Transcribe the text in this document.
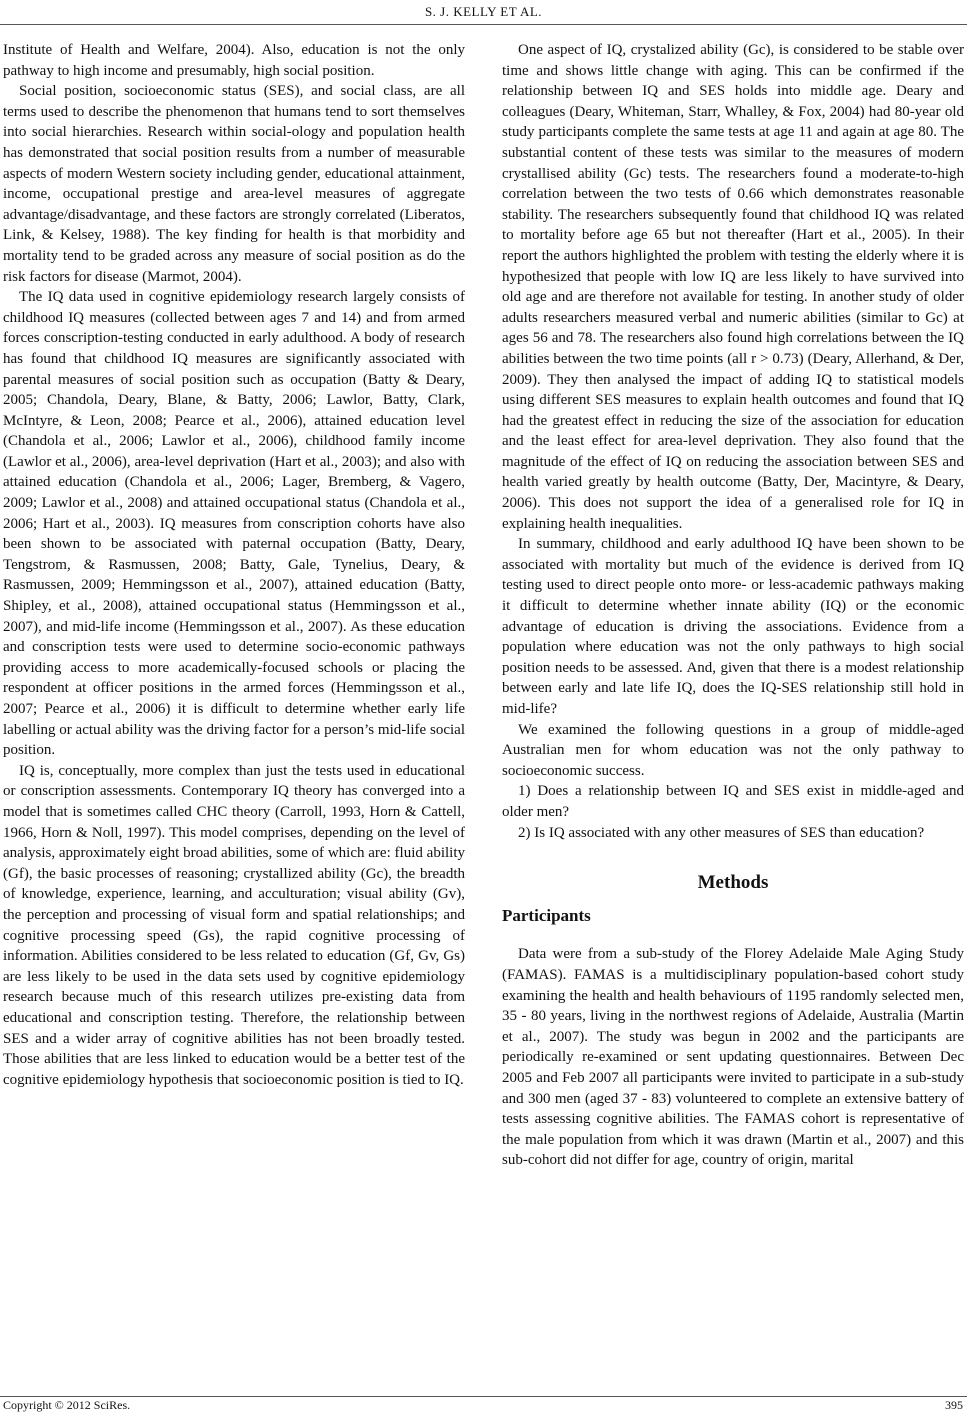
S. J. KELLY ET AL.

Institute of Health and Welfare, 2004). Also, education is not the only pathway to high income and presumably, high social position.

Social position, socioeconomic status (SES), and social class, are all terms used to describe the phenomenon that humans tend to sort themselves into social hierarchies. Research within social-ology and population health has demonstrated that social position results from a number of measurable aspects of modern Western society including gender, educational attainment, income, occupational prestige and area-level measures of aggregate advantage/disadvantage, and these factors are strongly correlated (Liberatos, Link, & Kelsey, 1988). The key finding for health is that morbidity and mortality tend to be graded across any measure of social position as do the risk factors for disease (Marmot, 2004).

The IQ data used in cognitive epidemiology research largely consists of childhood IQ measures (collected between ages 7 and 14) and from armed forces conscription-testing conducted in early adulthood. A body of research has found that childhood IQ measures are significantly associated with parental measures of social position such as occupation (Batty & Deary, 2005; Chandola, Deary, Blane, & Batty, 2006; Lawlor, Batty, Clark, McIntyre, & Leon, 2008; Pearce et al., 2006), attained education level (Chandola et al., 2006; Lawlor et al., 2006), childhood family income (Lawlor et al., 2006), area-level deprivation (Hart et al., 2003); and also with attained education (Chandola et al., 2006; Lager, Bremberg, & Vagero, 2009; Lawlor et al., 2008) and attained occupational status (Chandola et al., 2006; Hart et al., 2003). IQ measures from conscription cohorts have also been shown to be associated with paternal occupation (Batty, Deary, Tengstrom, & Rasmussen, 2008; Batty, Gale, Tynelius, Deary, & Rasmussen, 2009; Hemmingsson et al., 2007), attained education (Batty, Shipley, et al., 2008), attained occupational status (Hemmingsson et al., 2007), and mid-life income (Hemmingsson et al., 2007). As these education and conscription tests were used to determine socio-economic pathways providing access to more academically-focused schools or placing the respondent at officer positions in the armed forces (Hemmingsson et al., 2007; Pearce et al., 2006) it is difficult to determine whether early life labelling or actual ability was the driving factor for a person’s mid-life social position.

IQ is, conceptually, more complex than just the tests used in educational or conscription assessments. Contemporary IQ theory has converged into a model that is sometimes called CHC theory (Carroll, 1993, Horn & Cattell, 1966, Horn & Noll, 1997). This model comprises, depending on the level of analysis, approximately eight broad abilities, some of which are: fluid ability (Gf), the basic processes of reasoning; crystallized ability (Gc), the breadth of knowledge, experience, learning, and acculturation; visual ability (Gv), the perception and processing of visual form and spatial relationships; and cognitive processing speed (Gs), the rapid cognitive processing of information. Abilities considered to be less related to education (Gf, Gv, Gs) are less likely to be used in the data sets used by cognitive epidemiology research because much of this research utilizes pre-existing data from educational and conscription testing. Therefore, the relationship between SES and a wider array of cognitive abilities has not been broadly tested. Those abilities that are less linked to education would be a better test of the cognitive epidemiology hypothesis that socioeconomic position is tied to IQ.

One aspect of IQ, crystalized ability (Gc), is considered to be stable over time and shows little change with aging. This can be confirmed if the relationship between IQ and SES holds into middle age. Deary and colleagues (Deary, Whiteman, Starr, Whalley, & Fox, 2004) had 80-year old study participants complete the same tests at age 11 and again at age 80. The substantial content of these tests was similar to the measures of modern crystallised ability (Gc) tests. The researchers found a moderate-to-high correlation between the two tests of 0.66 which demonstrates reasonable stability. The researchers subsequently found that childhood IQ was related to mortality before age 65 but not thereafter (Hart et al., 2005). In their report the authors highlighted the problem with testing the elderly where it is hypothesized that people with low IQ are less likely to have survived into old age and are therefore not available for testing. In another study of older adults researchers measured verbal and numeric abilities (similar to Gc) at ages 56 and 78. The researchers also found high correlations between the IQ abilities between the two time points (all r > 0.73) (Deary, Allerhand, & Der, 2009). They then analysed the impact of adding IQ to statistical models using different SES measures to explain health outcomes and found that IQ had the greatest effect in reducing the size of the association for education and the least effect for area-level deprivation. They also found that the magnitude of the effect of IQ on reducing the association between SES and health varied greatly by health outcome (Batty, Der, Macintyre, & Deary, 2006). This does not support the idea of a generalised role for IQ in explaining health inequalities.

In summary, childhood and early adulthood IQ have been shown to be associated with mortality but much of the evidence is derived from IQ testing used to direct people onto more- or less-academic pathways making it difficult to determine whether innate ability (IQ) or the economic advantage of education is driving the associations. Evidence from a population where education was not the only pathways to high social position needs to be assessed. And, given that there is a modest relationship between early and late life IQ, does the IQ-SES relationship still hold in mid-life?

We examined the following questions in a group of middle-aged Australian men for whom education was not the only pathway to socioeconomic success.

1) Does a relationship between IQ and SES exist in middle-aged and older men?

2) Is IQ associated with any other measures of SES than education?

Methods
Participants

Data were from a sub-study of the Florey Adelaide Male Aging Study (FAMAS). FAMAS is a multidisciplinary population-based cohort study examining the health and health behaviours of 1195 randomly selected men, 35 - 80 years, living in the northwest regions of Adelaide, Australia (Martin et al., 2007). The study was begun in 2002 and the participants are periodically re-examined or sent updating questionnaires. Between Dec 2005 and Feb 2007 all participants were invited to participate in a sub-study and 300 men (aged 37 - 83) volunteered to complete an extensive battery of tests assessing cognitive abilities. The FAMAS cohort is representative of the male population from which it was drawn (Martin et al., 2007) and this sub-cohort did not differ for age, country of origin, marital

Copyright © 2012 SciRes.	395
